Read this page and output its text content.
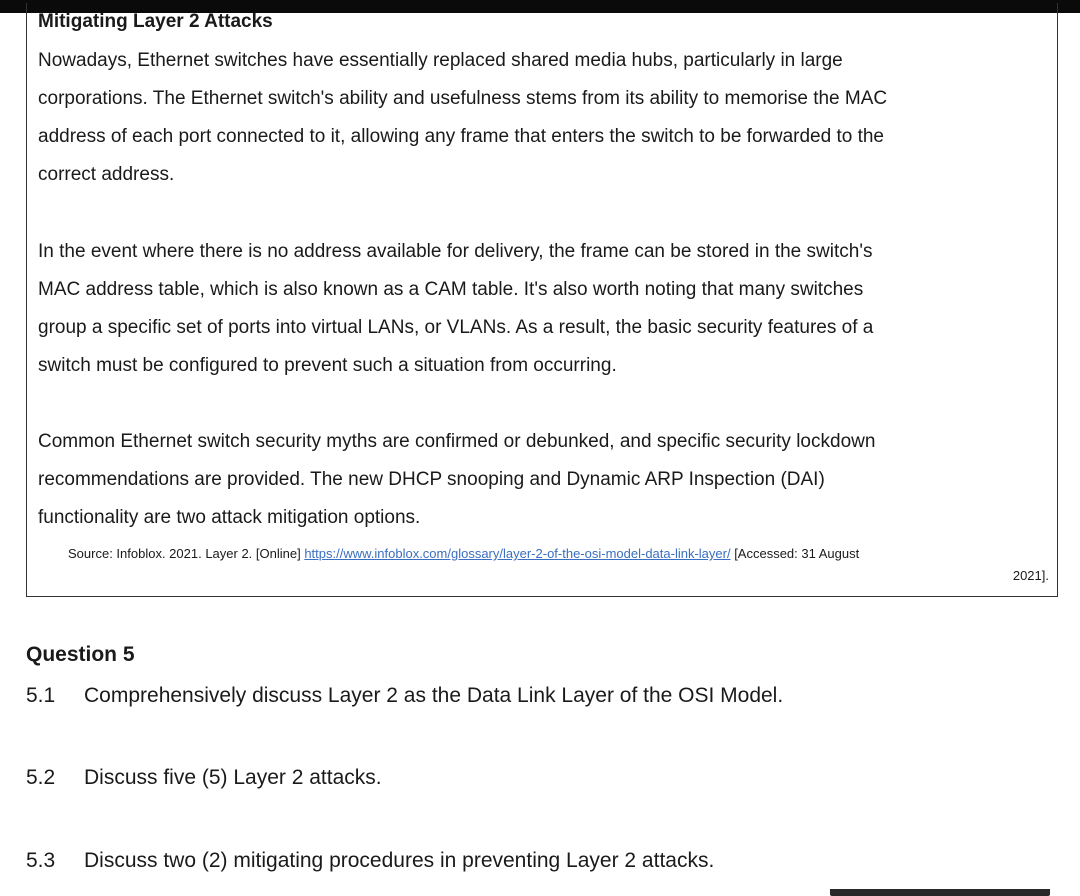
Mitigating Layer 2 Attacks
Nowadays, Ethernet switches have essentially replaced shared media hubs, particularly in large
corporations. The Ethernet switch's ability and usefulness stems from its ability to memorise the MAC
address of each port connected to it, allowing any frame that enters the switch to be forwarded to the
correct address.
In the event where there is no address available for delivery, the frame can be stored in the switch's
MAC address table, which is also known as a CAM table. It's also worth noting that many switches
group a specific set of ports into virtual LANs, or VLANs. As a result, the basic security features of a
switch must be configured to prevent such a situation from occurring.
Common Ethernet switch security myths are confirmed or debunked, and specific security lockdown
recommendations are provided. The new DHCP snooping and Dynamic ARP Inspection (DAI)
functionality are two attack mitigation options.
Source: Infoblox. 2021. Layer 2. [Online] https://www.infoblox.com/glossary/layer-2-of-the-osi-model-data-link-layer/ [Accessed: 31 August
2021].
Question 5
5.1 Comprehensively discuss Layer 2 as the Data Link Layer of the OSI Model.
5.2 Discuss five (5) Layer 2 attacks.
5.3 Discuss two (2) mitigating procedures in preventing Layer 2 attacks.
